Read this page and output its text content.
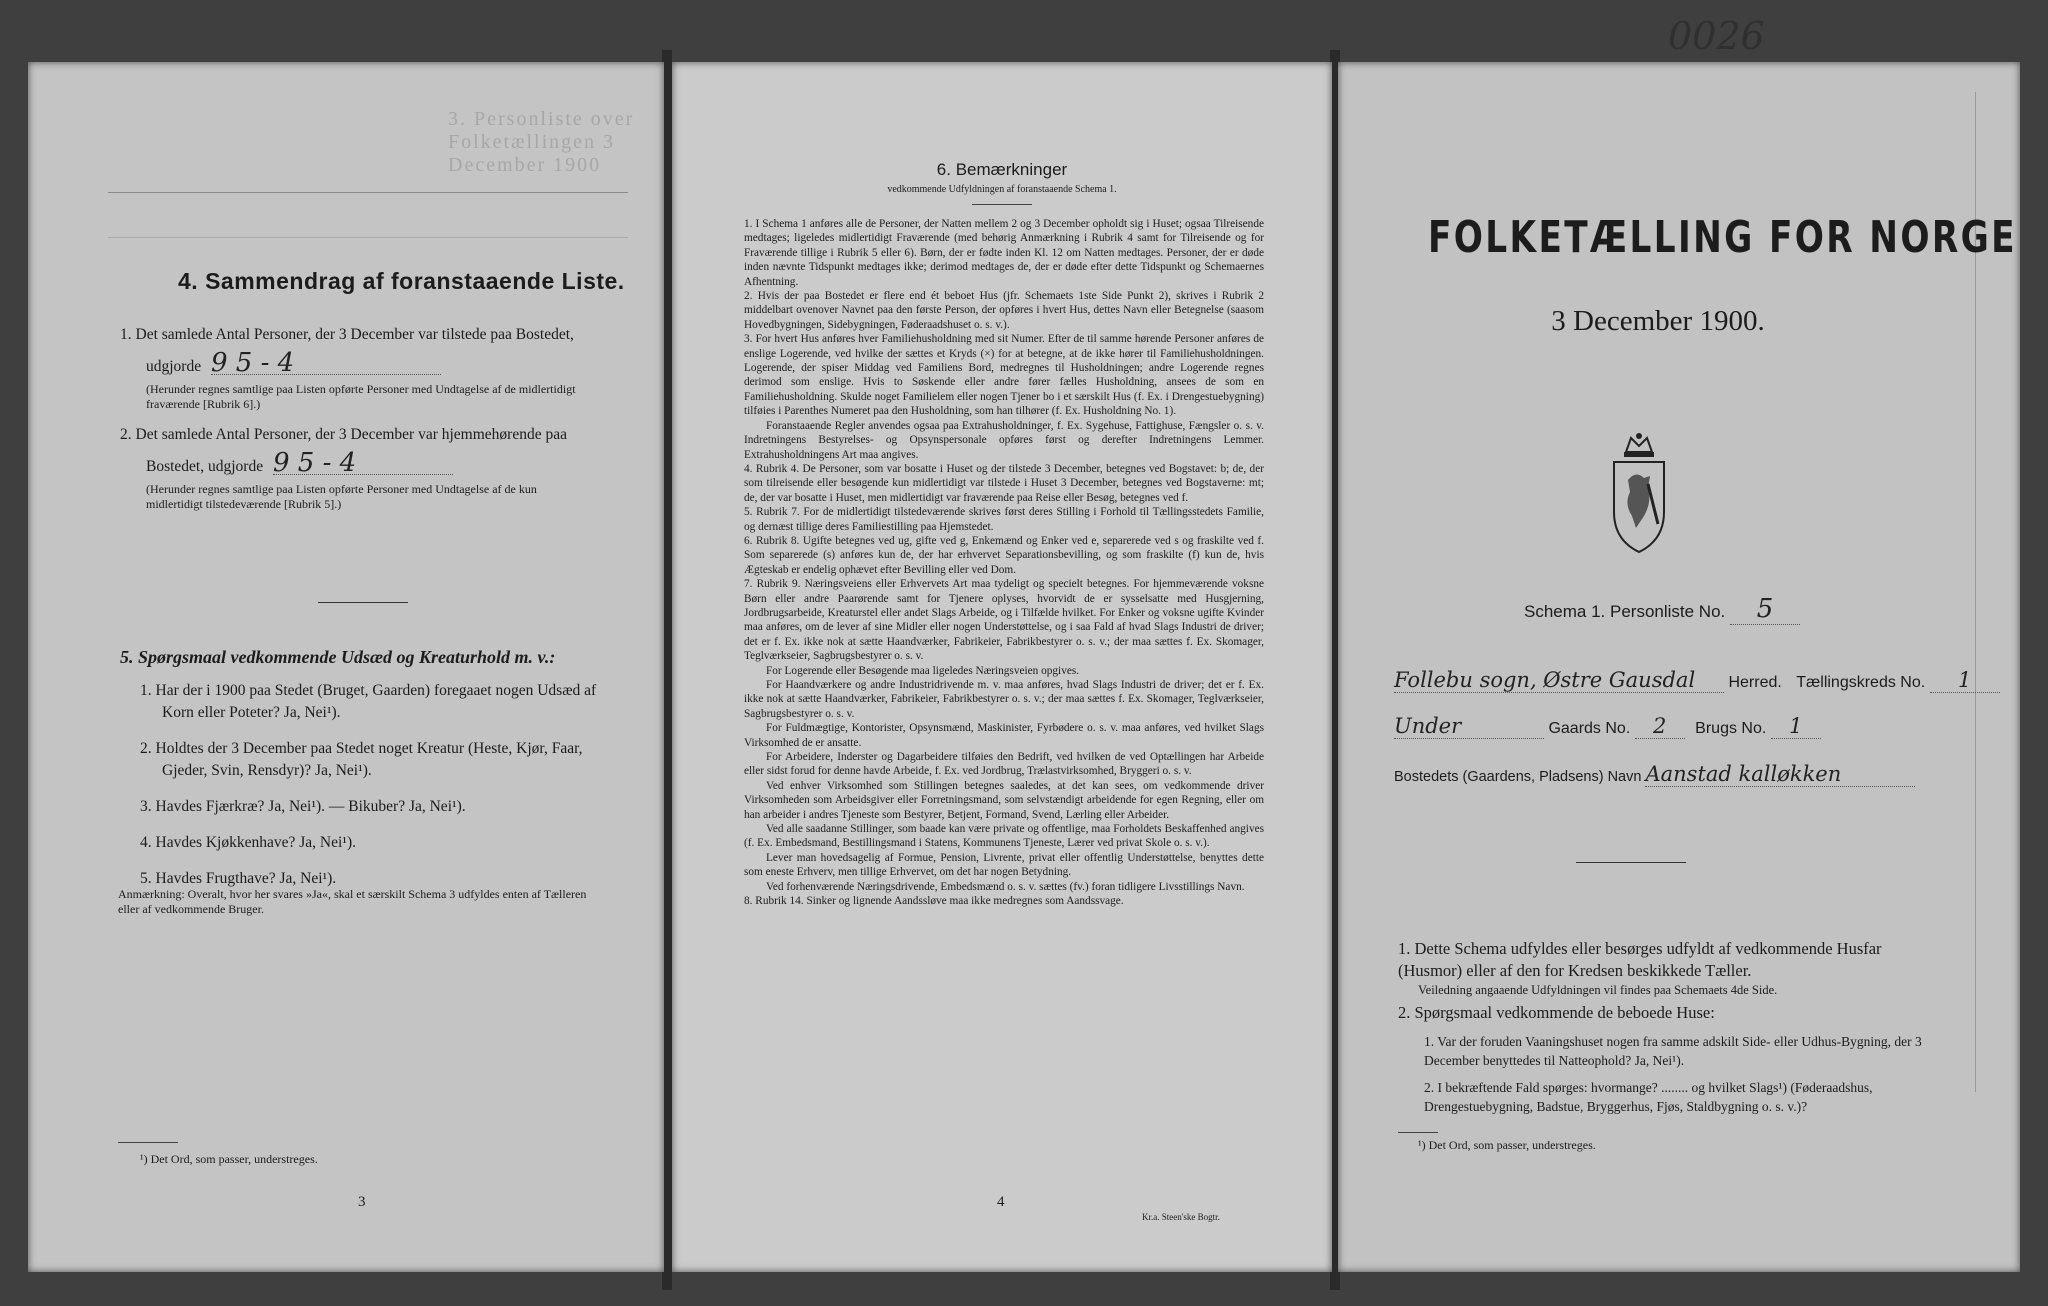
3. Personliste over Folketællingen 3 December 1900
4. Sammendrag af foranstaaende Liste.
1. Det samlede Antal Personer, der 3 December var tilstede paa Bostedet,
udgjorde 9 5 - 4
(Herunder regnes samtlige paa Listen opførte Personer med Undtagelse af de midlertidigt fraværende [Rubrik 6].)
2. Det samlede Antal Personer, der 3 December var hjemmehørende paa
Bostedet, udgjorde 9 5 - 4
(Herunder regnes samtlige paa Listen opførte Personer med Undtagelse af de kun midlertidigt tilstedeværende [Rubrik 5].)
5. Spørgsmaal vedkommende Udsæd og Kreaturhold m. v.:
1. Har der i 1900 paa Stedet (Bruget, Gaarden) foregaaet nogen Udsæd af
Korn eller Poteter? Ja, Nei¹).
2. Holdtes der 3 December paa Stedet noget Kreatur (Heste, Kjør, Faar,
Gjeder, Svin, Rensdyr)? Ja, Nei¹).
3. Havdes Fjærkræ? Ja, Nei¹). — Bikuber? Ja, Nei¹).
4. Havdes Kjøkkenhave? Ja, Nei¹).
5. Havdes Frugthave? Ja, Nei¹).
Anmærkning: Overalt, hvor her svares »Ja«, skal et særskilt Schema 3 udfyldes enten af Tælleren eller af vedkommende Bruger.
¹) Det Ord, som passer, understreges.
3
6. Bemærkninger
vedkommende Udfyldningen af foranstaaende Schema 1.

1. I Schema 1 anføres alle de Personer, der Natten mellem 2 og 3 December opholdt sig i Huset; ogsaa Tilreisende medtages; ligeledes midlertidigt Fraværende (med behørig Anmærkning i Rubrik 4 samt for Tilreisende og for Fraværende tillige i Rubrik 5 eller 6). Børn, der er fødte inden Kl. 12 om Natten medtages. Personer, der er døde inden nævnte Tidspunkt medtages ikke; derimod medtages de, der er døde efter dette Tidspunkt og Schemaernes Afhentning.

2. Hvis der paa Bostedet er flere end ét beboet Hus (jfr. Schemaets 1ste Side Punkt 2), skrives i Rubrik 2 middelbart ovenover Navnet paa den første Person, der opføres i hvert Hus, dettes Navn eller Betegnelse (saasom Hovedbygningen, Sidebygningen, Føderaadshuset o. s. v.).

3. For hvert Hus anføres hver Familiehusholdning med sit Numer. Efter de til samme hørende Personer anføres de enslige Logerende, ved hvilke der sættes et Kryds (×) for at betegne, at de ikke hører til Familiehusholdningen. Logerende, der spiser Middag ved Familiens Bord, medregnes til Husholdningen; andre Logerende regnes derimod som enslige. Hvis to Søskende eller andre fører fælles Husholdning, ansees de som en Familiehusholdning. Skulde noget Familielem eller nogen Tjener bo i et særskilt Hus (f. Ex. i Drengestuebygning) tilføies i Parenthes Numeret paa den Husholdning, som han tilhører (f. Ex. Husholdning No. 1).

Foranstaaende Regler anvendes ogsaa paa Extrahusholdninger, f. Ex. Sygehuse, Fattighuse, Fængsler o. s. v. Indretningens Bestyrelses- og Opsynspersonale opføres først og derefter Indretningens Lemmer. Extrahusholdningens Art maa angives.

4. Rubrik 4. De Personer, som var bosatte i Huset og der tilstede 3 December, betegnes ved Bogstavet: b; de, der som tilreisende eller besøgende kun midlertidigt var tilstede i Huset 3 December, betegnes ved Bogstaverne: mt; de, der var bosatte i Huset, men midlertidigt var fraværende paa Reise eller Besøg, betegnes ved f.

5. Rubrik 7. For de midlertidigt tilstedeværende skrives først deres Stilling i Forhold til Tællingsstedets Familie, og dernæst tillige deres Familiestilling paa Hjemstedet.

6. Rubrik 8. Ugifte betegnes ved ug, gifte ved g, Enkemænd og Enker ved e, separerede ved s og fraskilte ved f. Som separerede (s) anføres kun de, der har erhvervet Separationsbevilling, og som fraskilte (f) kun de, hvis Ægteskab er endelig ophævet efter Bevilling eller ved Dom.

7. Rubrik 9. Næringsveiens eller Erhvervets Art maa tydeligt og specielt betegnes. For hjemmeværende voksne Børn eller andre Paarørende samt for Tjenere oplyses, hvorvidt de er sysselsatte med Husgjerning, Jordbrugsarbeide, Kreaturstel eller andet Slags Arbeide, og i Tilfælde hvilket. For Enker og voksne ugifte Kvinder maa anføres, om de lever af sine Midler eller nogen Understøttelse, og i saa Fald af hvad Slags Industri de driver; det er f. Ex. ikke nok at sætte Haandværker, Fabrikeier, Fabrikbestyrer o. s. v.; der maa sættes f. Ex. Skomager, Teglværkseier, Sagbrugsbestyrer o. s. v.

For Logerende eller Besøgende maa ligeledes Næringsveien opgives.

For Haandværkere og andre Industridrivende m. v. maa anføres, hvad Slags Industri de driver; det er f. Ex. ikke nok at sætte Haandværker, Fabrikeier, Fabrikbestyrer o. s. v.; der maa sættes f. Ex. Skomager, Teglværkseier, Sagbrugsbestyrer o. s. v.

For Fuldmægtige, Kontorister, Opsynsmænd, Maskinister, Fyrbødere o. s. v. maa anføres, ved hvilket Slags Virksomhed de er ansatte.

For Arbeidere, Inderster og Dagarbeidere tilføies den Bedrift, ved hvilken de ved Optællingen har Arbeide eller sidst forud for denne havde Arbeide, f. Ex. ved Jordbrug, Trælastvirksomhed, Bryggeri o. s. v.

Ved enhver Virksomhed som Stillingen betegnes saaledes, at det kan sees, om vedkommende driver Virksomheden som Arbeidsgiver eller Forretningsmand, som selvstændigt arbeidende for egen Regning, eller om han arbeider i andres Tjeneste som Bestyrer, Betjent, Formand, Svend, Lærling eller Arbeider.

Ved alle saadanne Stillinger, som baade kan være private og offentlige, maa Forholdets Beskaffenhed angives (f. Ex. Embedsmand, Bestillingsmand i Statens, Kommunens Tjeneste, Lærer ved privat Skole o. s. v.).

Lever man hovedsagelig af Formue, Pension, Livrente, privat eller offentlig Understøttelse, benyttes dette som eneste Erhverv, men tillige Erhvervet, om det har nogen Betydning.

Ved forhenværende Næringsdrivende, Embedsmænd o. s. v. sættes (fv.) foran tidligere Livsstillings Navn.

8. Rubrik 14. Sinker og lignende Aandssløve maa ikke medregnes som Aandssvage.

4
Kr.a. Steen'ske Bogtr.
0026
FOLKETÆLLING FOR NORGE
3 December 1900.
Schema 1. Personliste No. 5
Follebu sogn, Østre Gausdal Herred. Tællingskreds No. 1
Under	Gaards No. 2 Brugs No. 1
Bostedets (Gaardens, Pladsens) Navn Aanstad kalløkken
1. Dette Schema udfyldes eller besørges udfyldt af vedkommende Husfar (Husmor) eller af den for Kredsen beskikkede Tæller.
Veiledning angaaende Udfyldningen vil findes paa Schemaets 4de Side.
2. Spørgsmaal vedkommende de beboede Huse:
1. Var der foruden Vaaningshuset nogen fra samme adskilt Side- eller Udhus-Bygning, der 3 December benyttedes til Natteophold? Ja, Nei¹).
2. I bekræftende Fald spørges: hvormange? ........ og hvilket Slags¹) (Føderaadshus, Drengestuebygning, Badstue, Bryggerhus, Fjøs, Staldbygning o. s. v.)?
¹) Det Ord, som passer, understreges.
